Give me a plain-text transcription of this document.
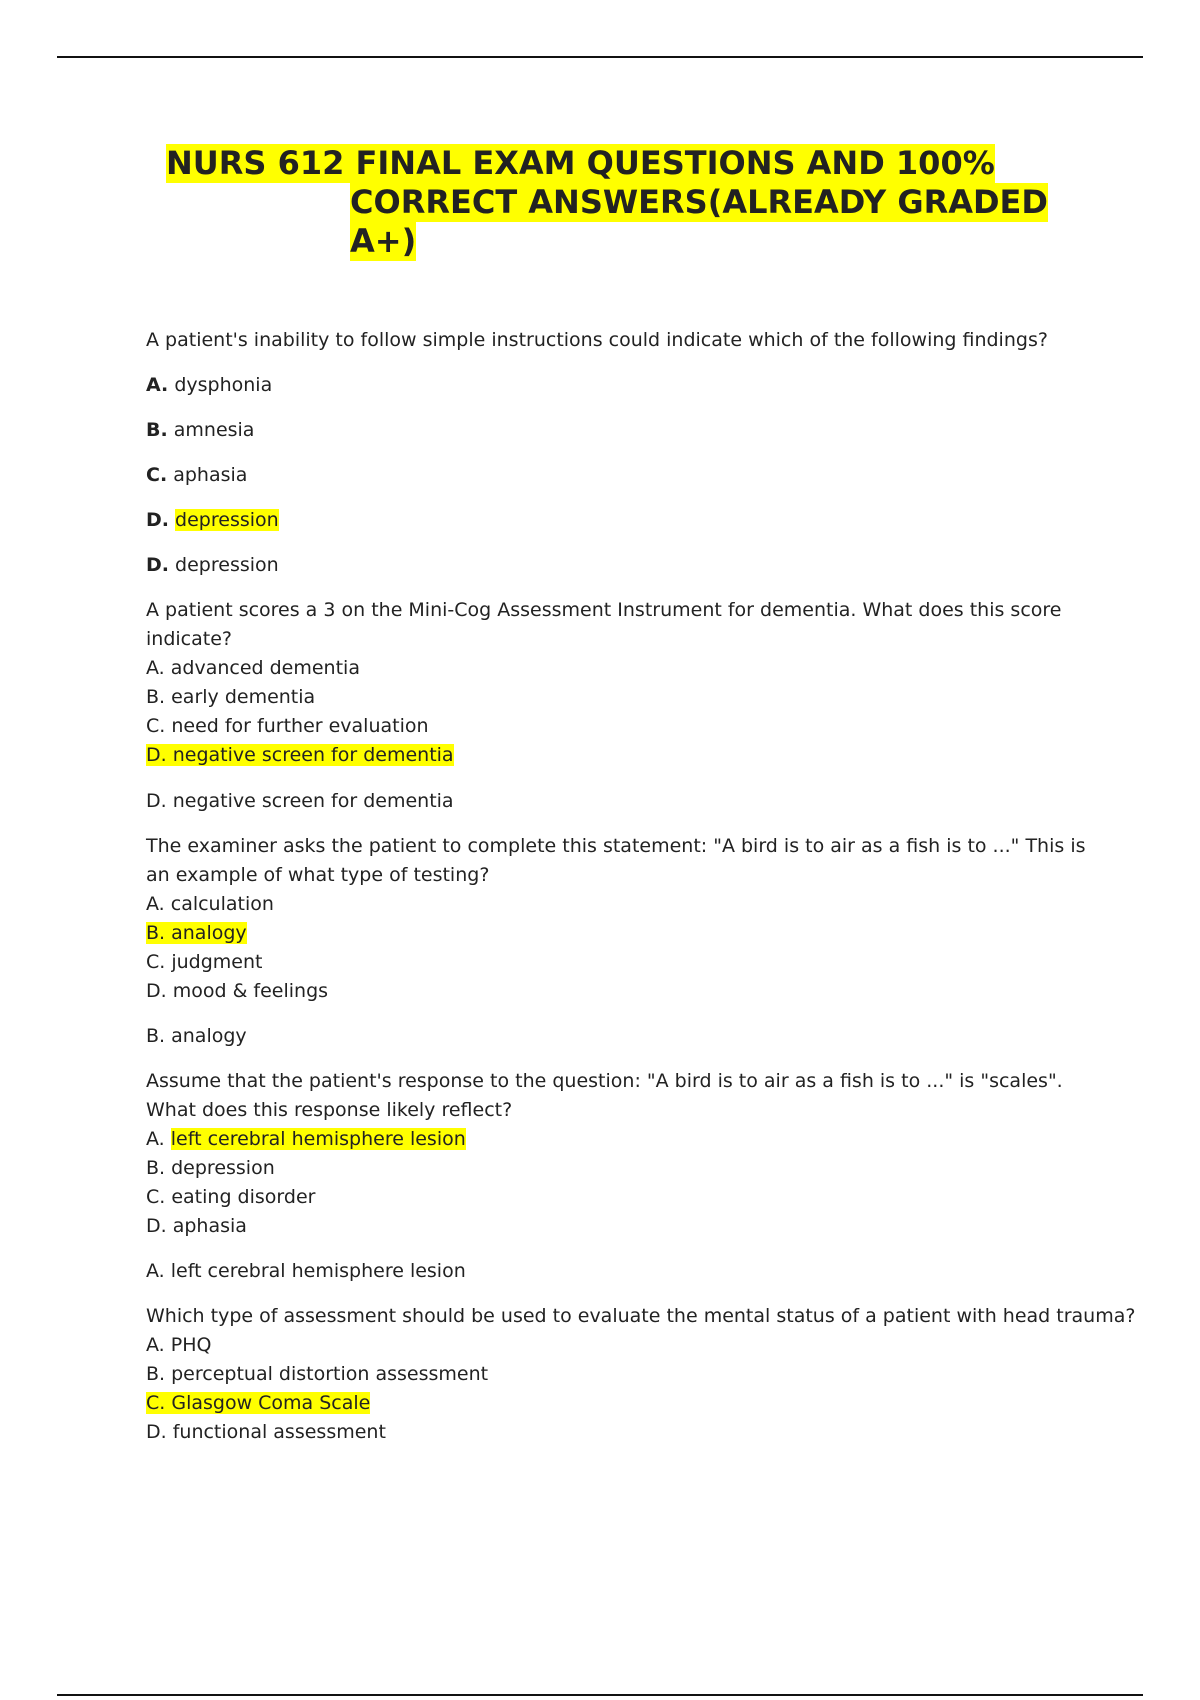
NURS 612 FINAL EXAM QUESTIONS AND 100%
CORRECT ANSWERS(ALREADY GRADED
A+)

A patient's inability to follow simple instructions could indicate which of the following findings?

A. dysphonia

B. amnesia

C. aphasia

D. depression

D. depression

A patient scores a 3 on the Mini-Cog Assessment Instrument for dementia. What does this score indicate?

A. advanced dementia

B. early dementia

C. need for further evaluation

D. negative screen for dementia

D. negative screen for dementia

The examiner asks the patient to complete this statement: "A bird is to air as a fish is to ..." This is an example of what type of testing?

A. calculation

B. analogy

C. judgment

D. mood & feelings

B. analogy

Assume that the patient's response to the question: "A bird is to air as a fish is to ..." is "scales". What does this response likely reflect?

A. left cerebral hemisphere lesion

B. depression

C. eating disorder

D. aphasia

A. left cerebral hemisphere lesion

Which type of assessment should be used to evaluate the mental status of a patient with head trauma?

A. PHQ

B. perceptual distortion assessment

C. Glasgow Coma Scale

D. functional assessment
